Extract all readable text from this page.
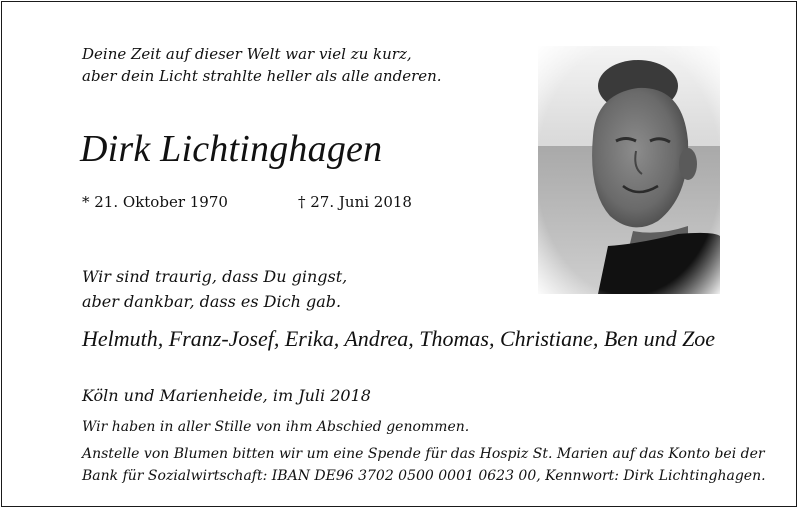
Deine Zeit auf dieser Welt war viel zu kurz,
aber dein Licht strahlte heller als alle anderen.
Dirk Lichtinghagen
* 21. Oktober 1970	† 27. Juni 2018
Wir sind traurig, dass Du gingst,
aber dankbar, dass es Dich gab.
Helmuth, Franz-Josef, Erika, Andrea, Thomas, Christiane, Ben und Zoe
Köln und Marienheide, im Juli 2018
Wir haben in aller Stille von ihm Abschied genommen.
Anstelle von Blumen bitten wir um eine Spende für das Hospiz St. Marien auf das Konto bei der
Bank für Sozialwirtschaft: IBAN DE96 3702 0500 0001 0623 00, Kennwort: Dirk Lichtinghagen.
